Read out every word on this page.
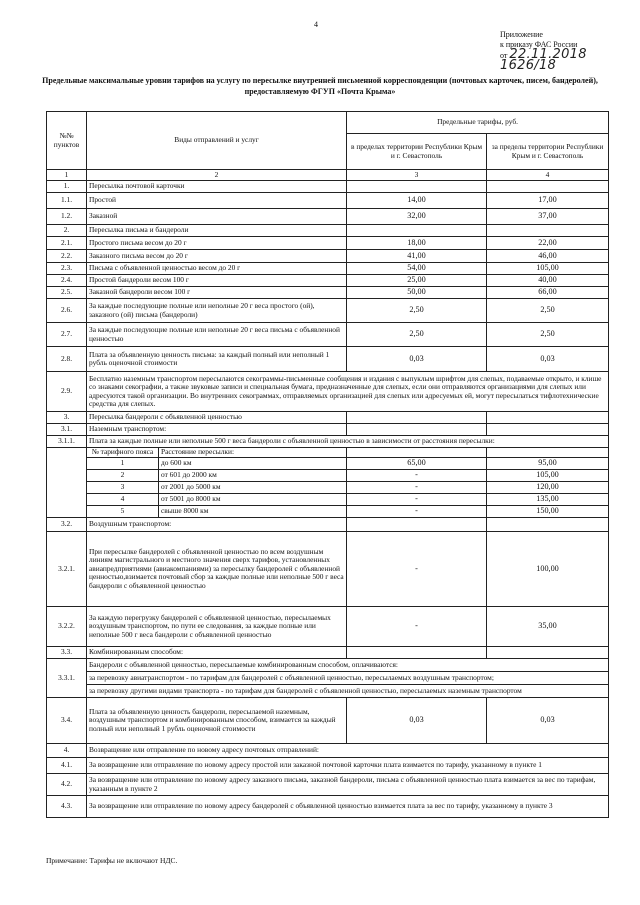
4
Приложение
к приказу ФАС России
от 22.11.2018 1626/18
Предельные максимальные уровни тарифов на услугу по пересылке внутренней письменной корреспонденции (почтовых карточек, писем, бандеролей), предоставляемую ФГУП «Почта Крыма»
№№ пунктов	Виды отправлений и услуг		Предельные тарифы, руб.	
			в пределах территории Республики Крым и г. Севастополь	за пределы территории Республики Крым и г. Севастополь
1	2		3	4
1.	Пересылка почтовой карточки			
1.1.	Простой		14,00	17,00
1.2.	Заказной		32,00	37,00
2.	Пересылка письма и бандероли			
2.1.	Простого письма весом до 20 г		18,00	22,00
2.2.	Заказного письма весом до 20 г		41,00	46,00
2.3.	Письма с объявленной ценностью весом до 20 г		54,00	105,00
2.4.	Простой бандероли весом 100 г		25,00	40,00
2.5.	Заказной бандероли весом 100 г		50,00	66,00
2.6.	За каждые последующие полные или неполные 20 г веса простого (ой), заказного (ой) письма (бандероли)		2,50	2,50
2.7.	За каждые последующие полные или неполные 20 г веса письма с объявленной ценностью		2,50	2,50
2.8.	Плата за объявленную ценность письма: за каждый полный или неполный 1 рубль оценочной стоимости		0,03	0,03
2.9.	Бесплатно наземным транспортом пересылаются секограммы-письменные сообщения и издания с выпуклым шрифтом для слепых, подаваемые открыто, и клише со знаками секографии, а также звуковые записи и специальная бумага, предназначенные для слепых, если они отправляются организациями для слепых или адресуются такой организации. Во внутренних секограммах, отправляемых организацией для слепых или адресуемых ей, могут пересылаться тифлотехнические средства для слепых.			
3.	Пересылка бандероли с объявленной ценностью			
3.1.	Наземным транспортом:			
3.1.1.	Плата за каждые полные или неполные 500 г веса бандероли с объявленной ценностью в зависимости от расстояния пересылки:			
	№ тарифного пояса	Расстояние пересылки:		
	1	до 600 км	65,00	95,00
	2	от 601 до 2000 км	-	105,00
	3	от 2001 до 5000 км	-	120,00
	4	от 5001 до 8000 км	-	135,00
	5	свыше 8000 км	-	150,00
3.2.	Воздушным транспортом:			
3.2.1.	При пересылке бандеролей с объявленной ценностью по всем воздушным линиям магистрального и местного значения сверх тарифов, установленных авиапредприятиями (авиакомпаниями) за пересылку бандеролей с объявленной ценностью,взимается почтовый сбор за каждые полные или неполные 500 г веса бандероли с объявленной ценностью		-	100,00
3.2.2.	За каждую перегрузку бандеролей с объявленной ценностью, пересылаемых воздушным транспортом, по пути ее следования, за каждые полные или неполные 500 г веса бандероли с объявленной ценностью		-	35,00
3.3.	Комбинированным способом:			
3.3.1.	Бандероли с объявленной ценностью, пересылаемые комбинированным способом, оплачиваются:			
	за перевозку авиатранспортом - по тарифам для бандеролей с объявленной ценностью, пересылаемых воздушным транспортом;			
	за перевозку другими видами транспорта - по тарифам для бандеролей с объявленной ценностью, пересылаемых наземным транспортом			
3.4.	Плата за объявленную ценность бандероли, пересылаемой наземным, воздушным транспортом и комбинированным способом, взимается за каждый полный или неполный 1 рубль оценочной стоимости		0,03	0,03
4.	Возвращение или отправление по новому адресу почтовых отправлений:			
4.1.	За возвращение или отправление по новому адресу простой или заказной почтовой карточки плата взимается по тарифу, указанному в пункте 1			
4.2.	За возвращение или отправление по новому адресу заказного письма, заказной бандероли, письма с объявленной ценностью плата взимается за вес по тарифам, указанным в пункте 2			
4.3.	За возвращение или отправление по новому адресу бандеролей с объявленной ценностью взимается плата за вес по тарифу, указанному в пункте 3			
Примечание: Тарифы не включают НДС.
